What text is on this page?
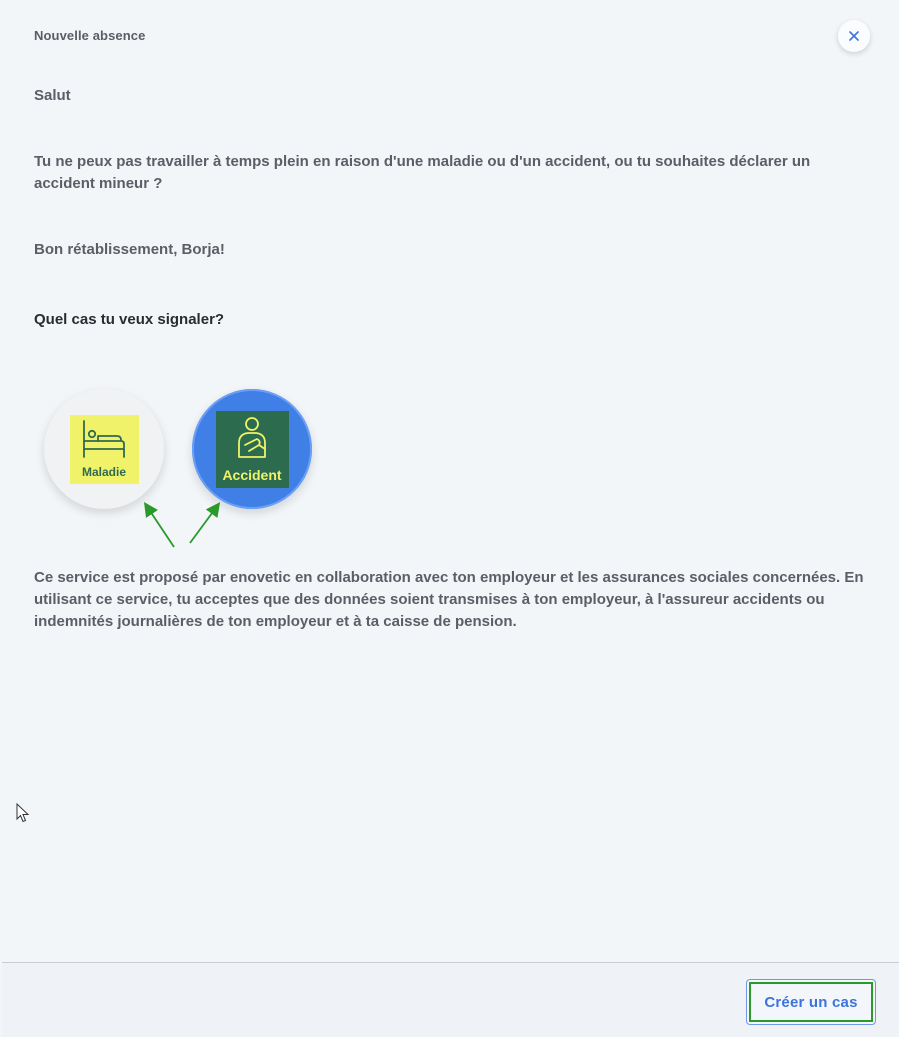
Nouvelle absence
Salut
Tu ne peux pas travailler à temps plein en raison d'une maladie ou d'un accident, ou tu souhaites déclarer un accident mineur ?
Bon rétablissement, Borja!
Quel cas tu veux signaler?
Maladie	Accident
Ce service est proposé par enovetic en collaboration avec ton employeur et les assurances sociales concernées. En utilisant ce service, tu acceptes que des données soient transmises à ton employeur, à l'assureur accidents ou indemnités journalières de ton employeur et à ta caisse de pension.
Créer un cas
